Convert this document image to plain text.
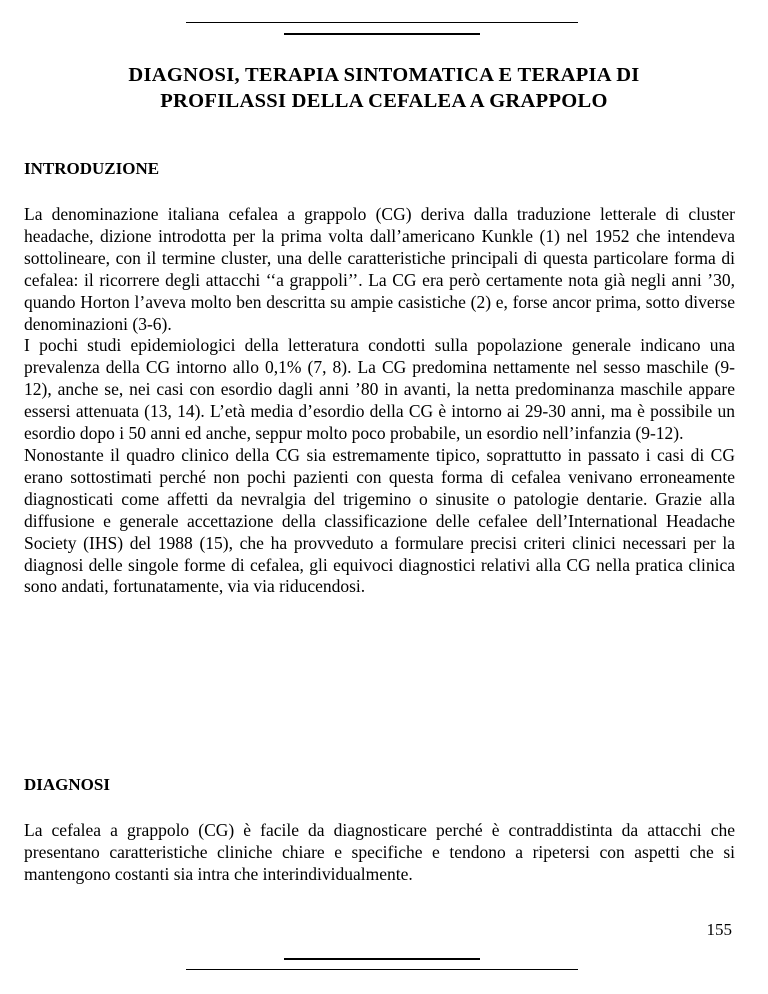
DIAGNOSI, TERAPIA SINTOMATICA E TERAPIA DI
PROFILASSI DELLA CEFALEA A GRAPPOLO
INTRODUZIONE

La denominazione italiana cefalea a grappolo (CG) deriva dalla traduzione letterale di cluster headache, dizione introdotta per la prima volta dall’americano Kunkle (1) nel 1952 che intendeva sottolineare, con il termine cluster, una delle caratteristiche principali di questa particolare forma di cefalea: il ricorrere degli attacchi ‘‘a grappoli’’. La CG era però certamente nota già negli anni ’30, quando Horton l’aveva molto ben descritta su ampie casistiche (2) e, forse ancor prima, sotto diverse denominazioni (3-6).

I pochi studi epidemiologici della letteratura condotti sulla popolazione generale indicano una prevalenza della CG intorno allo 0,1% (7, 8). La CG predomina nettamente nel sesso maschile (9-12), anche se, nei casi con esordio dagli anni ’80 in avanti, la netta predominanza maschile appare essersi attenuata (13, 14). L’età media d’esordio della CG è intorno ai 29-30 anni, ma è possibile un esordio dopo i 50 anni ed anche, seppur molto poco probabile, un esordio nell’infanzia (9-12).

Nonostante il quadro clinico della CG sia estremamente tipico, soprattutto in passato i casi di CG erano sottostimati perché non pochi pazienti con questa forma di cefalea venivano erroneamente diagnosticati come affetti da nevralgia del trigemino o sinusite o patologie dentarie. Grazie alla diffusione e generale accettazione della classificazione delle cefalee dell’International Headache Society (IHS) del 1988 (15), che ha provveduto a formulare precisi criteri clinici necessari per la diagnosi delle singole forme di cefalea, gli equivoci diagnostici relativi alla CG nella pratica clinica sono andati, fortunatamente, via via riducendosi.

DIAGNOSI

La cefalea a grappolo (CG) è facile da diagnosticare perché è contraddistinta da attacchi che presentano caratteristiche cliniche chiare e specifiche e tendono a ripetersi con aspetti che si mantengono costanti sia intra che interindividualmente.

155
